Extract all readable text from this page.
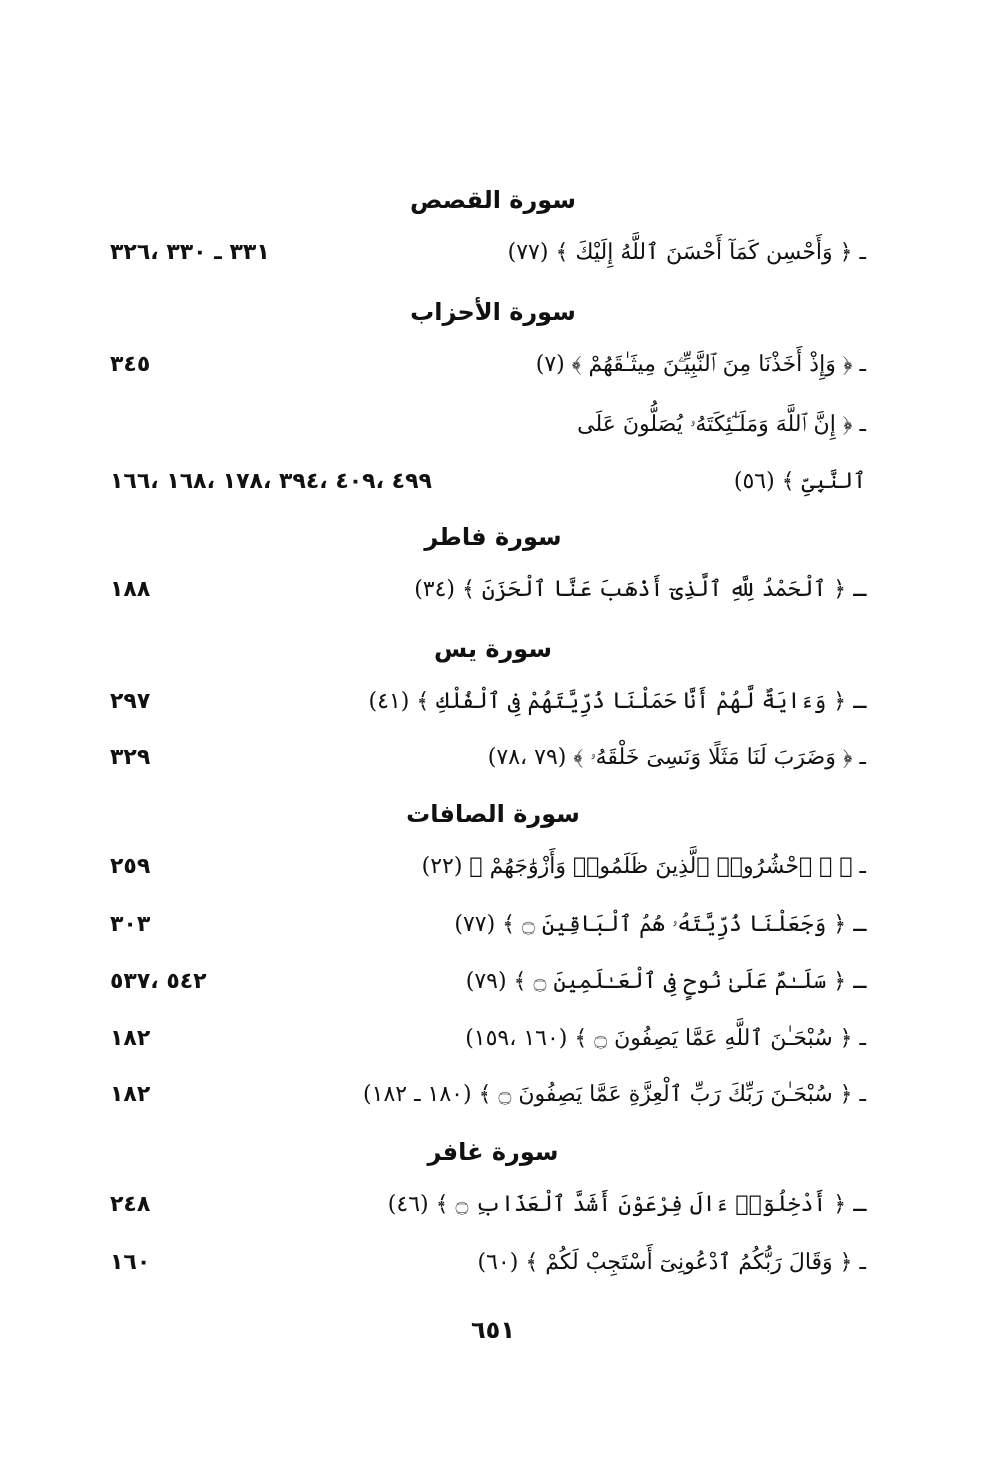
سورة القصص
ـ ﴿ وَأَحْسِن كَمَآ أَحْسَنَ ٱللَّهُ إِلَيْكَ ﴾ (٧٧)
٣٣١ ـ ٣٣٠ ،٣٢٦
سورة الأحزاب
ـ ﴿ وَإِذْ أَخَذْنَا مِنَ ٱلنَّبِيِّـۧنَ مِيثَـٰقَهُمْ ﴾ (٧)
٣٤٥
ـ ﴿ إِنَّ ٱللَّهَ وَمَلَـٰٓئِكَتَهُۥ يُصَلُّونَ عَلَى
ٱلنَّبِىِّ ﴾ (٥٦)
٤٩٩ ،٤٠٩ ،٣٩٤ ،١٧٨ ،١٦٨ ،١٦٦
سورة فاطر
ـ ﴿ ٱلْحَمْدُ لِلَّهِ ٱلَّذِىٓ أَذْهَبَ عَنَّا ٱلْحَزَنَ ﴾ (٣٤)
١٨٨
سورة يس
ـ ﴿ وَءَايَةٌ لَّهُمْ أَنَّا حَمَلْنَا ذُرِّيَّتَهُمْ فِى ٱلْفُلْكِ ﴾ (٤١)
٢٩٧
ـ ﴿ وَضَرَبَ لَنَا مَثَلًا وَنَسِىَ خَلْقَهُۥ ﴾ (٧٩ ،٧٨)
٣٢٩
سورة الصافات
ـ ﴿ ۞ ٱحْشُرُوا۟ ٱلَّذِينَ ظَلَمُوا۟ وَأَزْوَٰجَهُمْ ﴾ (٢٢)
٢٥٩
ـ ﴿ وَجَعَلْنَا ذُرِّيَّتَهُۥ هُمُ ٱلْبَاقِينَ ۝ ﴾ (٧٧)
٣٠٣
ـ ﴿ سَلَـٰمٌ عَلَىٰ نُوحٍ فِى ٱلْعَـٰلَمِينَ ۝ ﴾ (٧٩)
٥٤٢ ،٥٣٧
ـ ﴿ سُبْحَـٰنَ ٱللَّهِ عَمَّا يَصِفُونَ ۝ ﴾ (١٦٠ ،١٥٩)
١٨٢
ـ ﴿ سُبْحَـٰنَ رَبِّكَ رَبِّ ٱلْعِزَّةِ عَمَّا يَصِفُونَ ۝ ﴾ (١٨٠ ـ ١٨٢)
١٨٢
سورة غافر
ـ ﴿ أَدْخِلُوٓا۟ ءَالَ فِرْعَوْنَ أَشَدَّ ٱلْعَذَابِ ۝ ﴾ (٤٦)
٢٤٨
ـ ﴿ وَقَالَ رَبُّكُمُ ٱدْعُونِىٓ أَسْتَجِبْ لَكُمْ ﴾ (٦٠)
١٦٠
٦٥١
